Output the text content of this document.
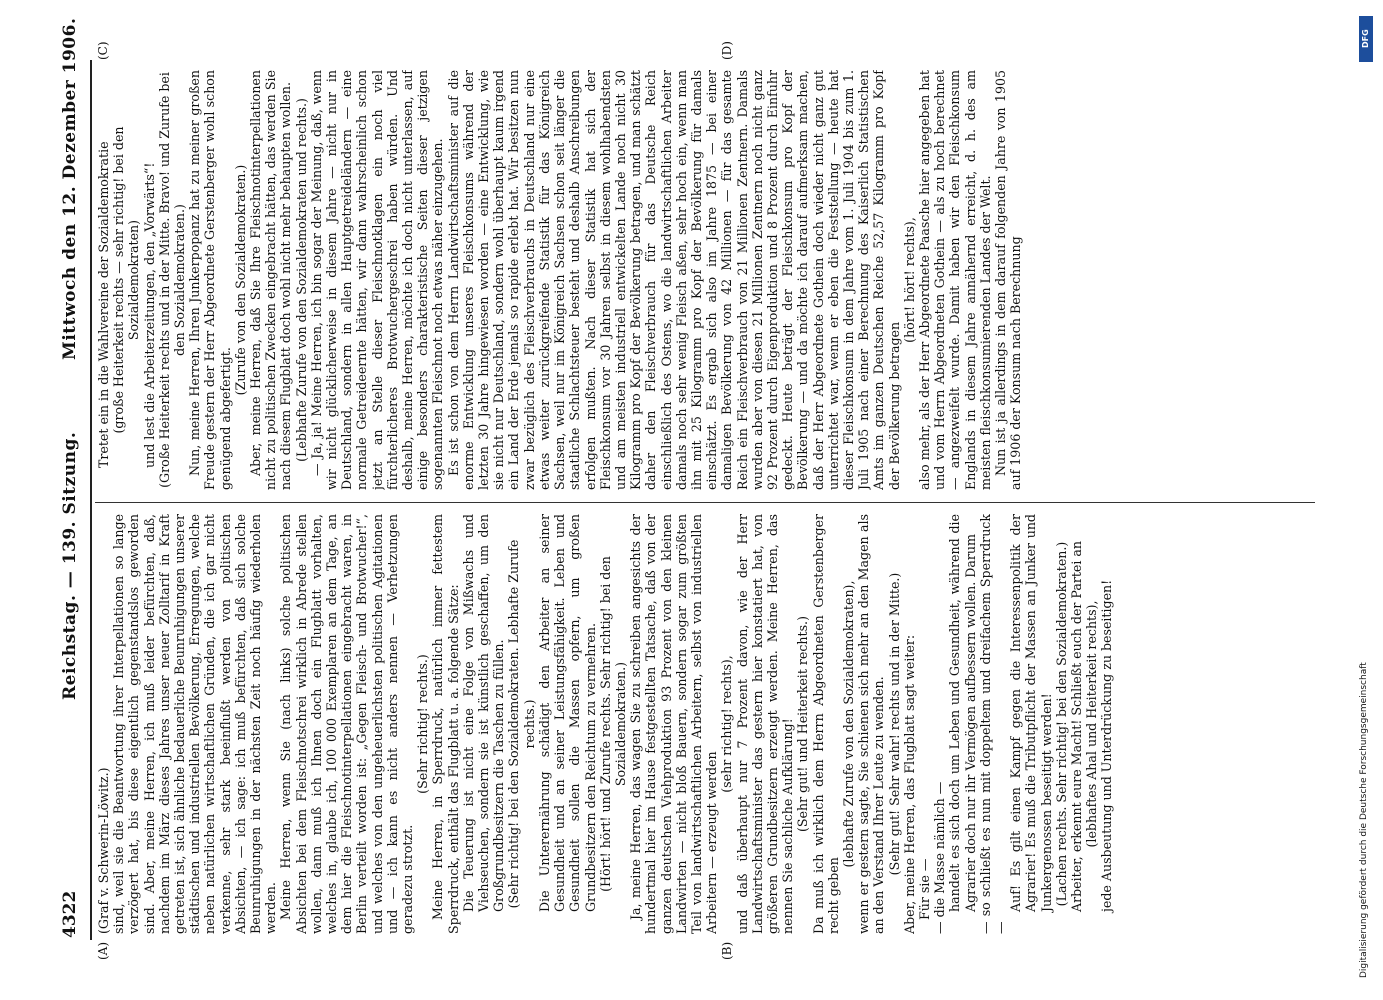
4322
Reichstag. — 139. Sitzung.
Mittwoch den 12. Dezember 1906.
(A)	(B)
(C)	(D)

(Graf v. Schwerin-Löwitz.) sind, weil sie die Beantwortung ihrer Interpellationen so lange verzögert hat, bis diese eigentlich gegenstandslos geworden sind. Aber, meine Herren, ich muß leider befürchten, daß, nachdem im März dieses Jahres unser neuer Zolltarif in Kraft getreten ist, sich ähnliche bedauerliche Beunruhigungen unserer städtischen und industriellen Bevölkerung, Erregungen, welche neben natürlichen wirtschaftlichen Gründen, die ich gar nicht verkenne, sehr stark beeinflußt werden von politischen Absichten, — ich sage: ich muß befürchten, daß sich solche Beunruhigungen in der nächsten Zeit noch häufig wiederholen werden. Meine Herren, wenn Sie (nach links) solche politischen Absichten bei dem Fleischnotschrei wirklich in Abrede stellen wollen, dann muß ich Ihnen doch ein Flugblatt vorhalten, welches in, glaube ich, 100 000 Exemplaren an dem Tage, an dem hier die Fleischnotinterpellationen eingebracht waren, in Berlin verteilt worden ist: „Gegen Fleisch- und Brotwucher!“, und welches von den ungeheuerlichsten politischen Agitationen und — ich kann es nicht anders nennen — Verhetzungen geradezu strotzt.

(Sehr richtig! rechts.) Meine Herren, in Sperrdruck, natürlich immer fettestem Sperrdruck, enthält das Flugblatt u. a. folgende Sätze: Die Teuerung ist nicht eine Folge von Mißwachs und Viehseuchen, sondern sie ist künstlich geschaffen, um den Großgrundbesitzern die Taschen zu füllen. (Sehr richtig! bei den Sozialdemokraten. Lebhafte Zurufe rechts.) Die Unterernährung schädigt den Arbeiter an seiner Gesundheit und an seiner Leistungsfähigkeit. Leben und Gesundheit sollen die Massen opfern, um großen Grundbesitzern den Reichtum zu vermehren. (Hört! hört! und Zurufe rechts. Sehr richtig! bei den Sozialdemokraten.) Ja, meine Herren, das wagen Sie zu schreiben angesichts der hundertmal hier im Hause festgestellten Tatsache, daß von der ganzen deutschen Viehproduktion 93 Prozent von den kleinen Landwirten — nicht bloß Bauern, sondern sogar zum größten Teil von landwirtschaftlichen Arbeitern, selbst von industriellen Arbeitern — erzeugt werden

(sehr richtig! rechts), und daß überhaupt nur 7 Prozent davon, wie der Herr Landwirtschaftsminister das gestern hier konstatiert hat, von größeren Grundbesitzern erzeugt werden. Meine Herren, das nennen Sie sachliche Aufklärung! (Sehr gut! und Heiterkeit rechts.) Da muß ich wirklich dem Herrn Abgeordneten Gerstenberger recht geben

(lebhafte Zurufe von den Sozialdemokraten), wenn er gestern sagte, Sie schienen sich mehr an den Magen als an den Verstand Ihrer Leute zu wenden. (Sehr gut! Sehr wahr! rechts und in der Mitte.) Aber, meine Herren, das Flugblatt sagt weiter: Für sie — — die Masse nämlich — handelt es sich doch um Leben und Gesundheit, während die Agrarier doch nur ihr Vermögen aufbessern wollen. Darum — so schließt es nun mit doppeltem und dreifachem Sperrdruck —

Auf! Es gilt einen Kampf gegen die Interessenpolitik der Agrarier! Es muß die Tributpflicht der Massen an Junker und Junkergenossen beseitigt werden! (Lachen rechts. Sehr richtig! bei den Sozialdemokraten.) Arbeiter, erkennt eure Macht! Schließt euch der Partei an (lebhaftes Ahal und Heiterkeit rechts), jede Ausbeutung und Unterdrückung zu beseitigen!

Tretet ein in die Wahlvereine der Sozialdemokratie (große Heiterkeit rechts — sehr richtig! bei den Sozialdemokraten) und lest die Arbeiterzeitungen, den „Vorwärts“! (Große Heiterkeit rechts und in der Mitte. Bravo! und Zurufe bei den Sozialdemokraten.) Nun, meine Herren, Ihren Junkerpopanz hat zu meiner großen Freude gestern der Herr Abgeordnete Gerstenberger wohl schon genügend abgefertigt.

(Zurufe von den Sozialdemokraten.) Aber, meine Herren, daß Sie Ihre Fleischnotinterpellationen nicht zu politischen Zwecken eingebracht hätten, das werden Sie nach diesem Flugblatt doch wohl nicht mehr behaupten wollen. (Lebhafte Zurufe von den Sozialdemokraten und rechts.) — Ja, ja! Meine Herren, ich bin sogar der Meinung, daß, wenn wir nicht glücklicherweise in diesem Jahre — nicht nur in Deutschland, sondern in allen Hauptgetreideländern — eine normale Getreideernte hätten, wir dann wahrscheinlich schon jetzt an Stelle dieser Fleischnotklagen ein noch viel fürchterlicheres Brotwuchergeschrei haben würden. Und deshalb, meine Herren, möchte ich doch nicht unterlassen, auf einige besonders charakteristische Seiten dieser jetzigen sogenannten Fleischnot noch etwas näher einzugehen. Es ist schon von dem Herrn Landwirtschaftsminister auf die enorme Entwicklung unseres Fleischkonsums während der letzten 30 Jahre hingewiesen worden — eine Entwicklung, wie sie nicht nur Deutschland, sondern wohl überhaupt kaum irgend ein Land der Erde jemals so rapide erlebt hat. Wir besitzen nun zwar bezüglich des Fleischverbrauchs in Deutschland nur eine etwas weiter zurückgreifende Statistik für das Königreich Sachsen, weil nur im Königreich Sachsen schon seit länger die staatliche Schlachtsteuer besteht und deshalb Anschreibungen erfolgen mußten. Nach dieser Statistik hat sich der Fleischkonsum vor 30 Jahren selbst in diesem wohlhabendsten und am meisten industriell entwickelten Lande noch nicht 30 Kilogramm pro Kopf der Bevölkerung betragen, und man schätzt daher den Fleischverbrauch für das Deutsche Reich einschließlich des Ostens, wo die landwirtschaftlichen Arbeiter damals noch sehr wenig Fleisch aßen, sehr hoch ein, wenn man ihn mit 25 Kilogramm pro Kopf der Bevölkerung für damals einschätzt. Es ergab sich also im Jahre 1875 — bei einer damaligen Bevölkerung von 42 Millionen — für das gesamte Reich ein Fleischverbrauch von 21 Millionen Zentnern. Damals wurden aber von diesen 21 Millionen Zentnern noch nicht ganz 92 Prozent durch Eigenproduktion und 8 Prozent durch Einfuhr gedeckt. Heute beträgt der Fleischkonsum pro Kopf der Bevölkerung — und da möchte ich darauf aufmerksam machen, daß der Herr Abgeordnete Gothein doch wieder nicht ganz gut unterrichtet war, wenn er eben die Feststellung — heute hat dieser Fleischkonsum in dem Jahre vom 1. Juli 1904 bis zum 1. Juli 1905 nach einer Berechnung des Kaiserlich Statistischen Amts im ganzen Deutschen Reiche 52,57 Kilogramm pro Kopf der Bevölkerung betragen

(hört! hört! rechts), also mehr, als der Herr Abgeordnete Paasche hier angegeben hat und vom Herrn Abgeordneten Gothein — als zu hoch berechnet — angezweifelt wurde. Damit haben wir den Fleischkonsum Englands in diesem Jahre annähernd erreicht, d. h. des am meisten fleischkonsumierenden Landes der Welt. Nun ist ja allerdings in dem darauf folgenden Jahre von 1905 auf 1906 der Konsum nach Berechnung

DFG
Digitalisierung gefördert durch die Deutsche Forschungsgemeinschaft
